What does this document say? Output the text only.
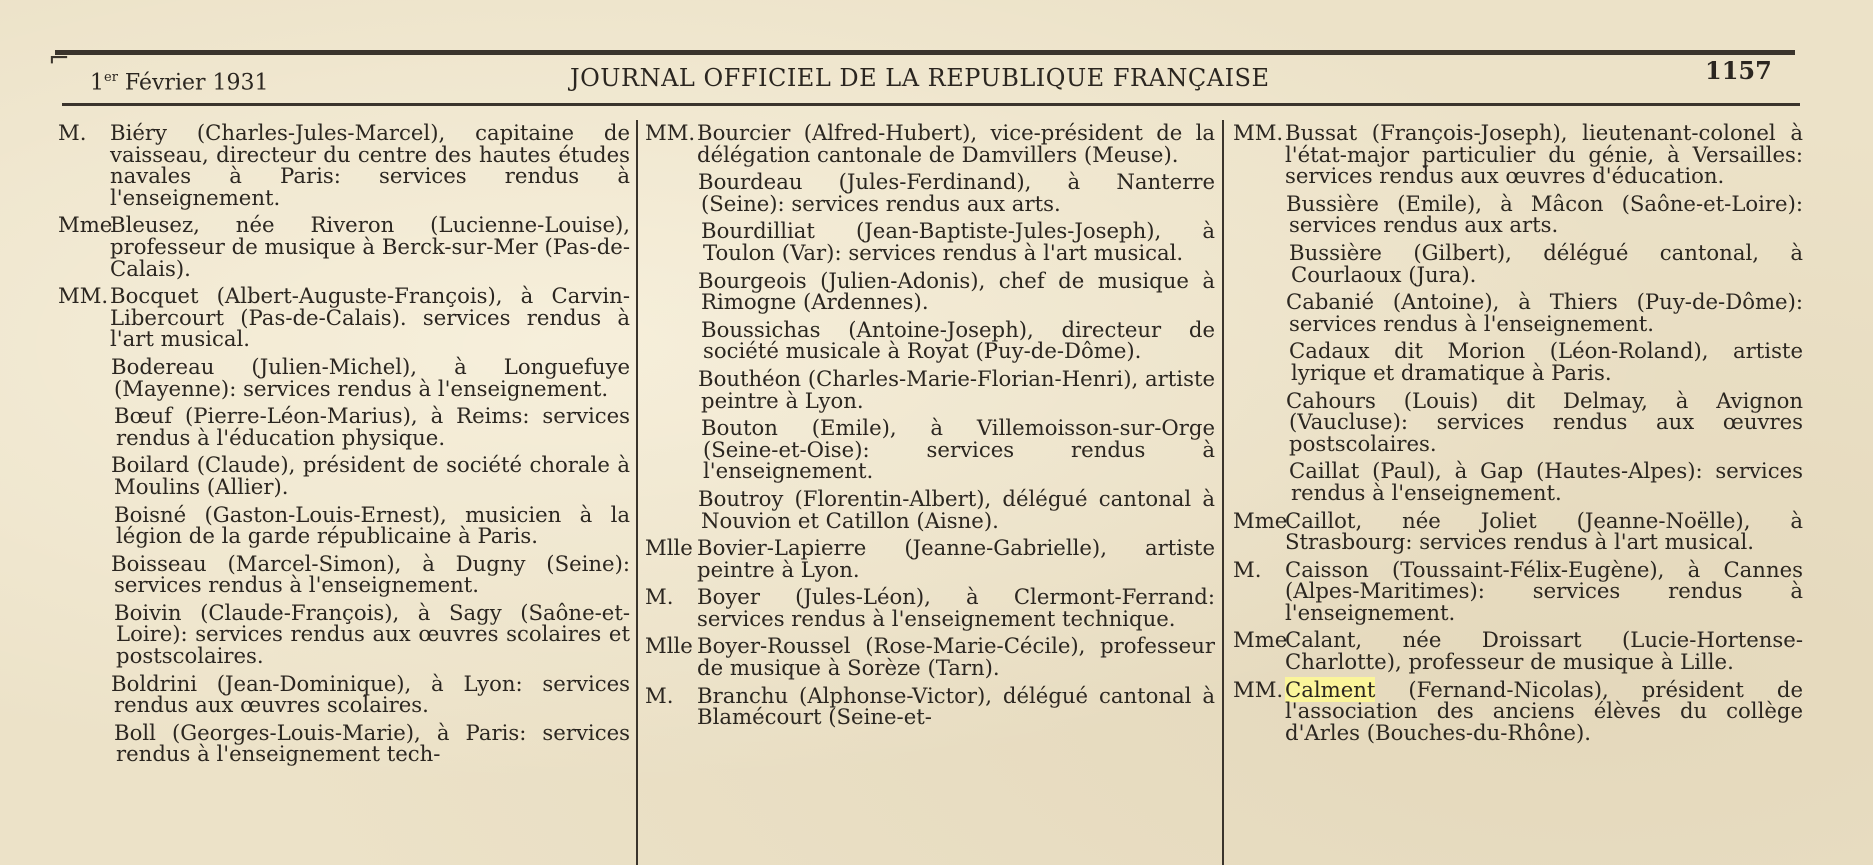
⌐
1er Février 1931	JOURNAL OFFICIEL DE LA REPUBLIQUE FRANÇAISE	1157

M. Biéry (Charles-Jules-Marcel), capitaine de vaisseau, directeur du centre des hautes études navales à Paris: services rendus à l'enseignement.

MmeBleusez, née Riveron (Lucienne-Louise), professeur de musique à Berck-sur-Mer (Pas-de-Calais).

MM.Bocquet (Albert-Auguste-François), à Carvin-Libercourt (Pas-de-Calais). services rendus à l'art musical.

Bodereau (Julien-Michel), à Longuefuye (Mayenne): services rendus à l'enseignement.

Bœuf (Pierre-Léon-Marius), à Reims: services rendus à l'éducation physique.

Boilard (Claude), président de société chorale à Moulins (Allier).

Boisné (Gaston-Louis-Ernest), musicien à la légion de la garde républicaine à Paris.

Boisseau (Marcel-Simon), à Dugny (Seine): services rendus à l'enseignement.

Boivin (Claude-François), à Sagy (Saône-et-Loire): services rendus aux œuvres scolaires et postscolaires.

Boldrini (Jean-Dominique), à Lyon: services rendus aux œuvres scolaires.

Boll (Georges-Louis-Marie), à Paris: services rendus à l'enseignement tech-

MM.Bourcier (Alfred-Hubert), vice-président de la délégation cantonale de Damvillers (Meuse).

Bourdeau (Jules-Ferdinand), à Nanterre (Seine): services rendus aux arts.

Bourdilliat (Jean-Baptiste-Jules-Joseph), à Toulon (Var): services rendus à l'art musical.

Bourgeois (Julien-Adonis), chef de musique à Rimogne (Ardennes).

Boussichas (Antoine-Joseph), directeur de société musicale à Royat (Puy-de-Dôme).

Bouthéon (Charles-Marie-Florian-Henri), artiste peintre à Lyon.

Bouton (Emile), à Villemoisson-sur-Orge (Seine-et-Oise): services rendus à l'enseignement.

Boutroy (Florentin-Albert), délégué cantonal à Nouvion et Catillon (Aisne).

Mlle Bovier-Lapierre (Jeanne-Gabrielle), artiste peintre à Lyon.

M. Boyer (Jules-Léon), à Clermont-Ferrand: services rendus à l'enseignement technique.

Mlle Boyer-Roussel (Rose-Marie-Cécile), professeur de musique à Sorèze (Tarn).

M. Branchu (Alphonse-Victor), délégué cantonal à Blamécourt (Seine-et-

MM.Bussat (François-Joseph), lieutenant-colonel à l'état-major particulier du génie, à Versailles: services rendus aux œuvres d'éducation.

Bussière (Emile), à Mâcon (Saône-et-Loire): services rendus aux arts.

Bussière (Gilbert), délégué cantonal, à Courlaoux (Jura).

Cabanié (Antoine), à Thiers (Puy-de-Dôme): services rendus à l'enseignement.

Cadaux dit Morion (Léon-Roland), artiste lyrique et dramatique à Paris.

Cahours (Louis) dit Delmay, à Avignon (Vaucluse): services rendus aux œuvres postscolaires.

Caillat (Paul), à Gap (Hautes-Alpes): services rendus à l'enseignement.

MmeCaillot, née Joliet (Jeanne-Noëlle), à Strasbourg: services rendus à l'art musical.

M. Caisson (Toussaint-Félix-Eugène), à Cannes (Alpes-Maritimes): services rendus à l'enseignement.

MmeCalant, née Droissart (Lucie-Hortense-Charlotte), professeur de musique à Lille.

MM.Calment (Fernand-Nicolas), président de l'association des anciens élèves du collège d'Arles (Bouches-du-Rhône).
